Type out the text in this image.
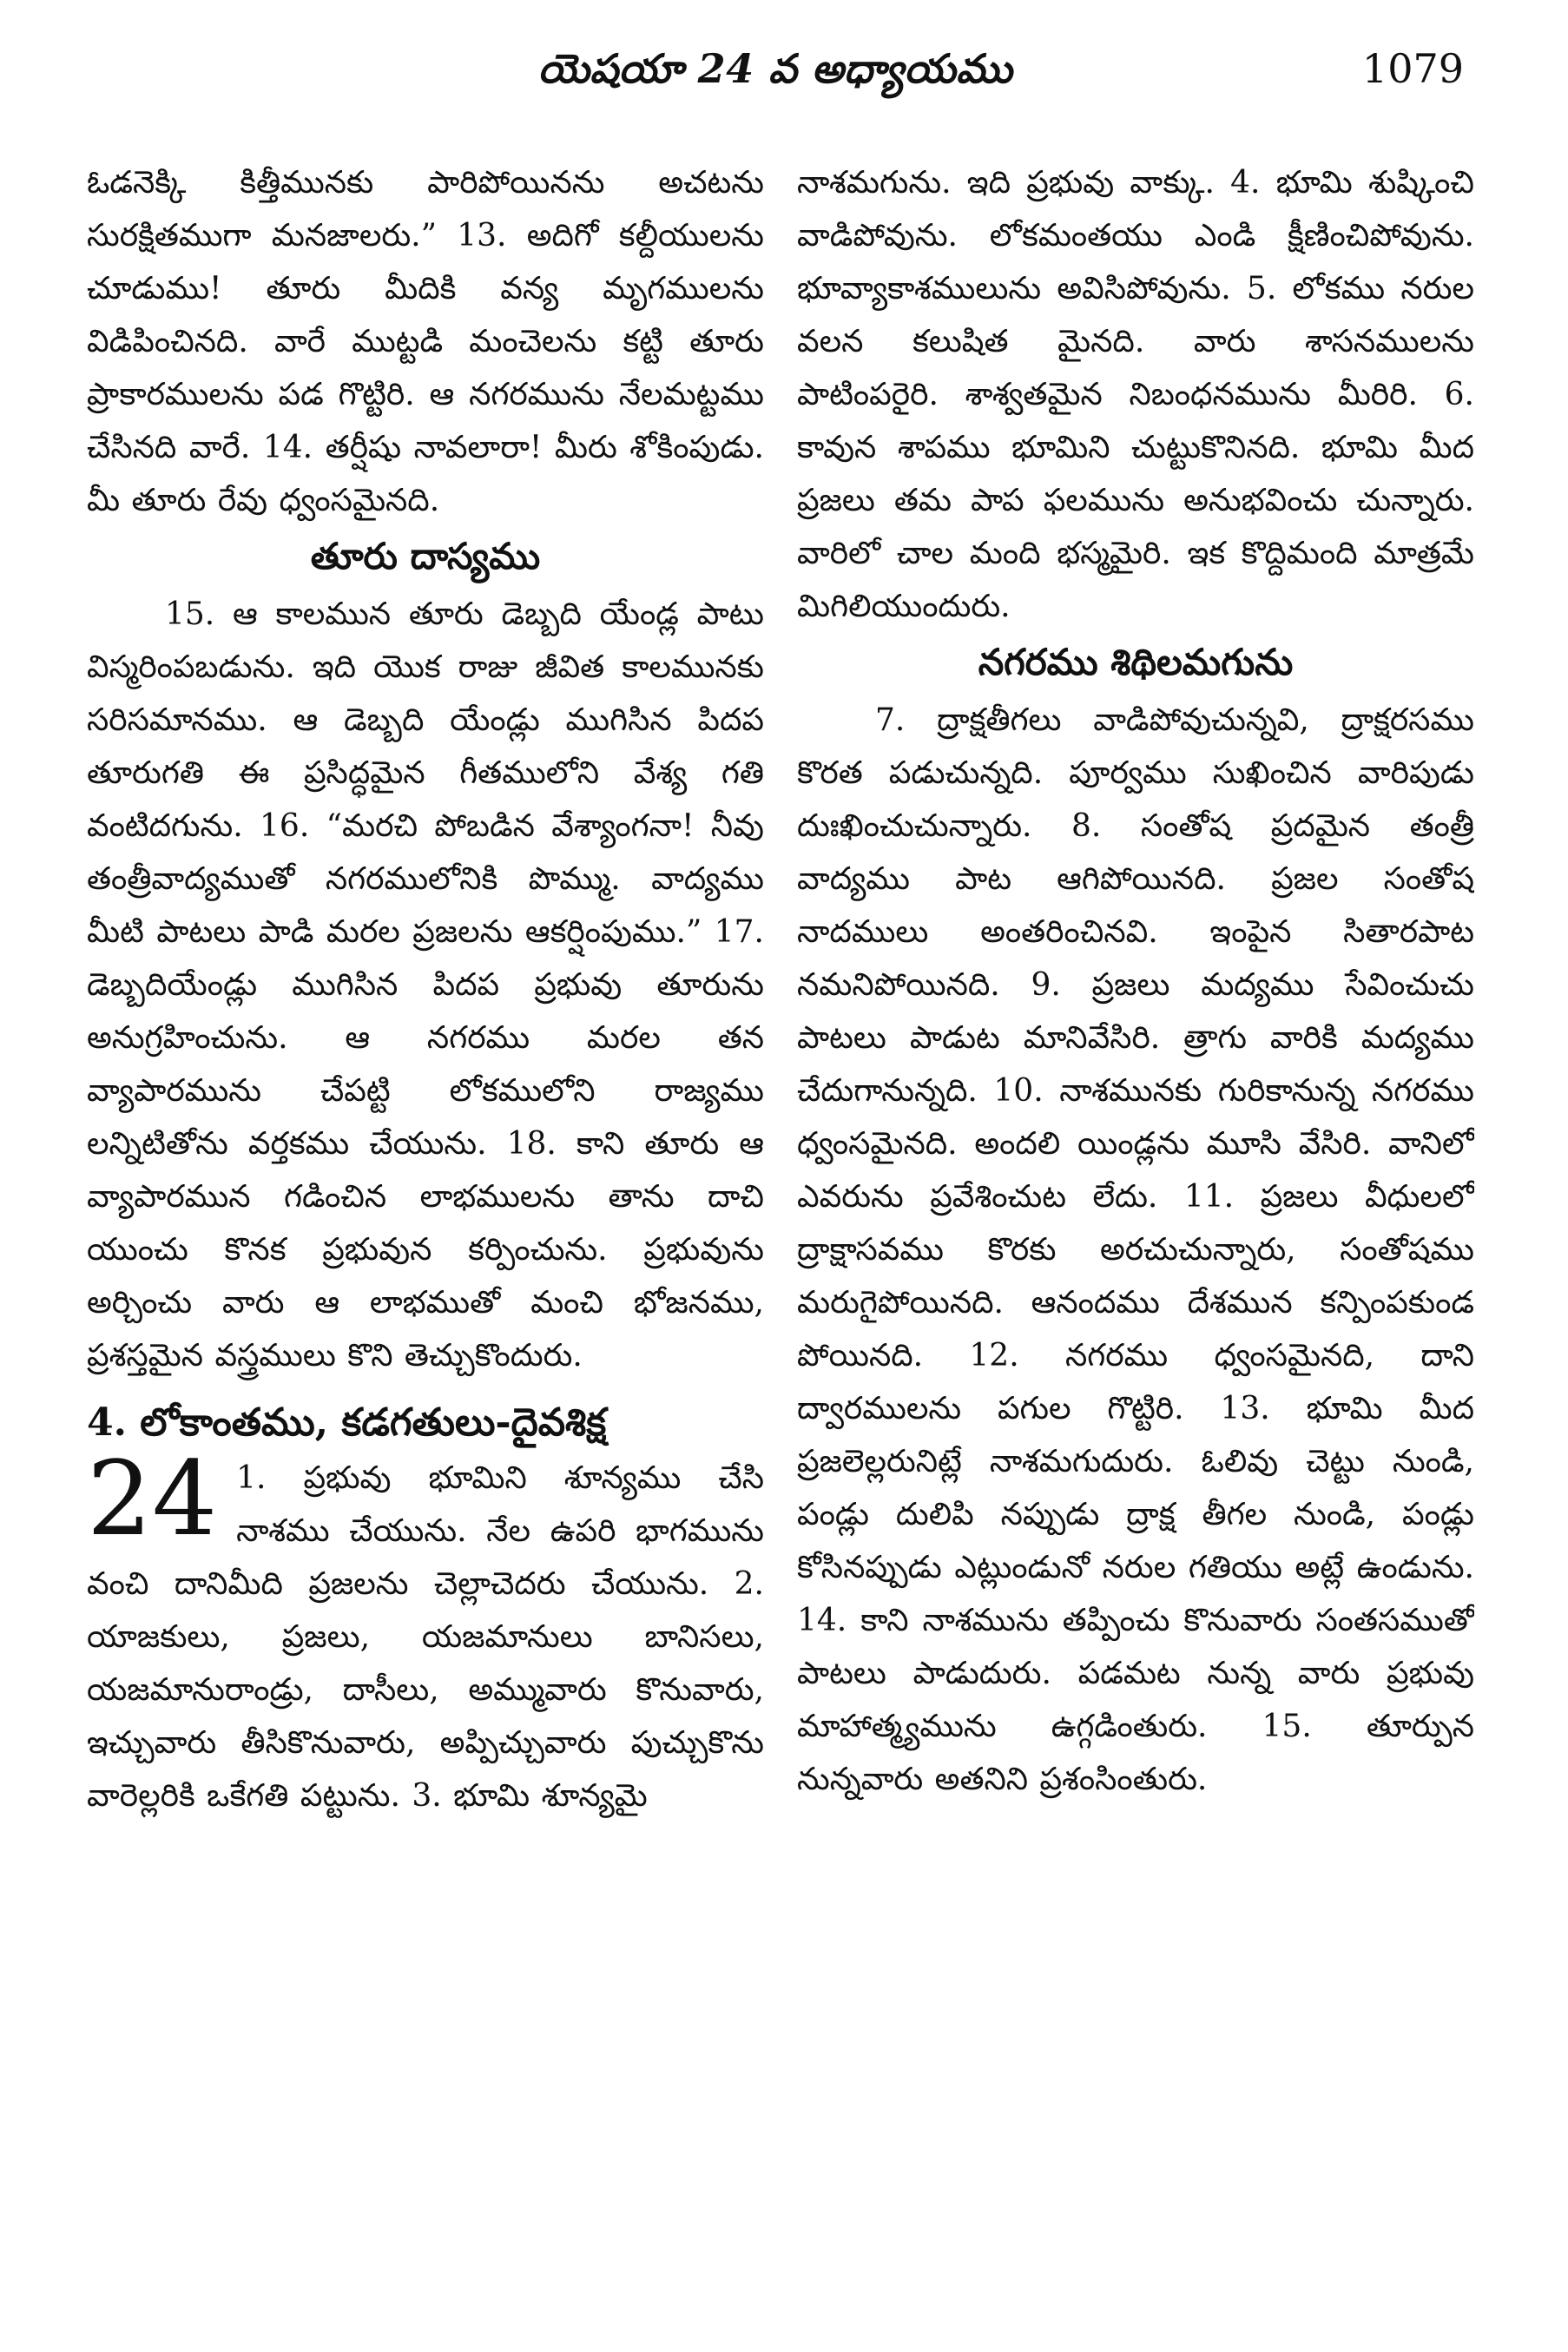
యెషయా 24 వ అధ్యాయము	1079

ఓడనెక్కి కిత్తీమునకు పారిపోయినను అచటను సురక్షితముగా మనజాలరు.” 13. అదిగో కల్దీయులను చూడుము! తూరు మీదికి వన్య మృగములను విడిపించినది. వారే ముట్టడి మంచెలను కట్టి తూరు ప్రాకారములను పడ గొట్టిరి. ఆ నగరమును నేలమట్టము చేసినది వారే. 14. తర్షీషు నావలారా! మీరు శోకింపుడు. మీ తూరు రేవు ధ్వంసమైనది.

తూరు దాస్యము

15. ఆ కాలమున తూరు డెబ్బది యేండ్ల పాటు విస్మరింపబడును. ఇది యొక రాజు జీవిత కాలమునకు సరిసమానము. ఆ డెబ్బది యేండ్లు ముగిసిన పిదప తూరుగతి ఈ ప్రసిద్ధమైన గీతములోని వేశ్య గతి వంటిదగును. 16. “మరచి పోబడిన వేశ్యాంగనా! నీవు తంత్రీవాద్యముతో నగరములోనికి పొమ్ము. వాద్యము మీటి పాటలు పాడి మరల ప్రజలను ఆకర్షింపుము.” 17. డెబ్బదియేండ్లు ముగిసిన పిదప ప్రభువు తూరును అనుగ్రహించును. ఆ నగరము మరల తన వ్యాపారమును చేపట్టి లోకములోని రాజ్యము లన్నిటితోను వర్తకము చేయును. 18. కాని తూరు ఆ వ్యాపారమున గడించిన లాభములను తాను దాచి యుంచు కొనక ప్రభువున కర్పించును. ప్రభువును అర్చించు వారు ఆ లాభముతో మంచి భోజనము, ప్రశస్తమైన వస్త్రములు కొని తెచ్చుకొందురు.

4. లోకాంతము, కడగతులు-దైవశిక్ష
24 1. ప్రభువు భూమిని శూన్యము చేసి నాశము చేయును. నేల ఉపరి భాగమును వంచి దానిమీది ప్రజలను చెల్లాచెదరు చేయును. 2. యాజకులు, ప్రజలు, యజమానులు బానిసలు, యజమానురాండ్రు, దాసీలు, అమ్మువారు కొనువారు, ఇచ్చువారు తీసికొనువారు, అప్పిచ్చువారు పుచ్చుకొను వారెల్లరికి ఒకేగతి పట్టును. 3. భూమి శూన్యమై

నాశమగును. ఇది ప్రభువు వాక్కు. 4. భూమి శుష్కించి వాడిపోవును. లోకమంతయు ఎండి క్షీణించిపోవును. భూవ్యాకాశములును అవిసిపోవును. 5. లోకము నరుల వలన కలుషిత మైనది. వారు శాసనములను పాటింపరైరి. శాశ్వతమైన నిబంధనమును మీరిరి. 6. కావున శాపము భూమిని చుట్టుకొనినది. భూమి మీద ప్రజలు తమ పాప ఫలమును అనుభవించు చున్నారు. వారిలో చాల మంది భస్మమైరి. ఇక కొద్దిమంది మాత్రమే మిగిలియుందురు.

నగరము శిథిలమగును

7. ద్రాక్షతీగలు వాడిపోవుచున్నవి, ద్రాక్షరసము కొరత పడుచున్నది. పూర్వము సుఖించిన వారిపుడు దుఃఖించుచున్నారు. 8. సంతోష ప్రదమైన తంత్రీ వాద్యము పాట ఆగిపోయినది. ప్రజల సంతోష నాదములు అంతరించినవి. ఇంపైన సితారపాట నమనిపోయినది. 9. ప్రజలు మద్యము సేవించుచు పాటలు పాడుట మానివేసిరి. త్రాగు వారికి మద్యము చేదుగానున్నది. 10. నాశమునకు గురికానున్న నగరము ధ్వంసమైనది. అందలి యిండ్లను మూసి వేసిరి. వానిలో ఎవరును ప్రవేశించుట లేదు. 11. ప్రజలు వీధులలో ద్రాక్షాసవము కొరకు అరచుచున్నారు, సంతోషము మరుగైపోయినది. ఆనందము దేశమున కన్పింపకుండ పోయినది. 12. నగరము ధ్వంసమైనది, దాని ద్వారములను పగుల గొట్టిరి. 13. భూమి మీద ప్రజలెల్లరునిట్లే నాశమగుదురు. ఓలివు చెట్టు నుండి, పండ్లు దులిపి నప్పుడు ద్రాక్ష తీగల నుండి, పండ్లు కోసినప్పుడు ఎట్లుండునో నరుల గతియు అట్లే ఉండును. 14. కాని నాశమును తప్పించు కొనువారు సంతసముతో పాటలు పాడుదురు. పడమట నున్న వారు ప్రభువు మాహాత్మ్యమును ఉగ్గడింతురు. 15. తూర్పున నున్నవారు అతనిని ప్రశంసింతురు.
